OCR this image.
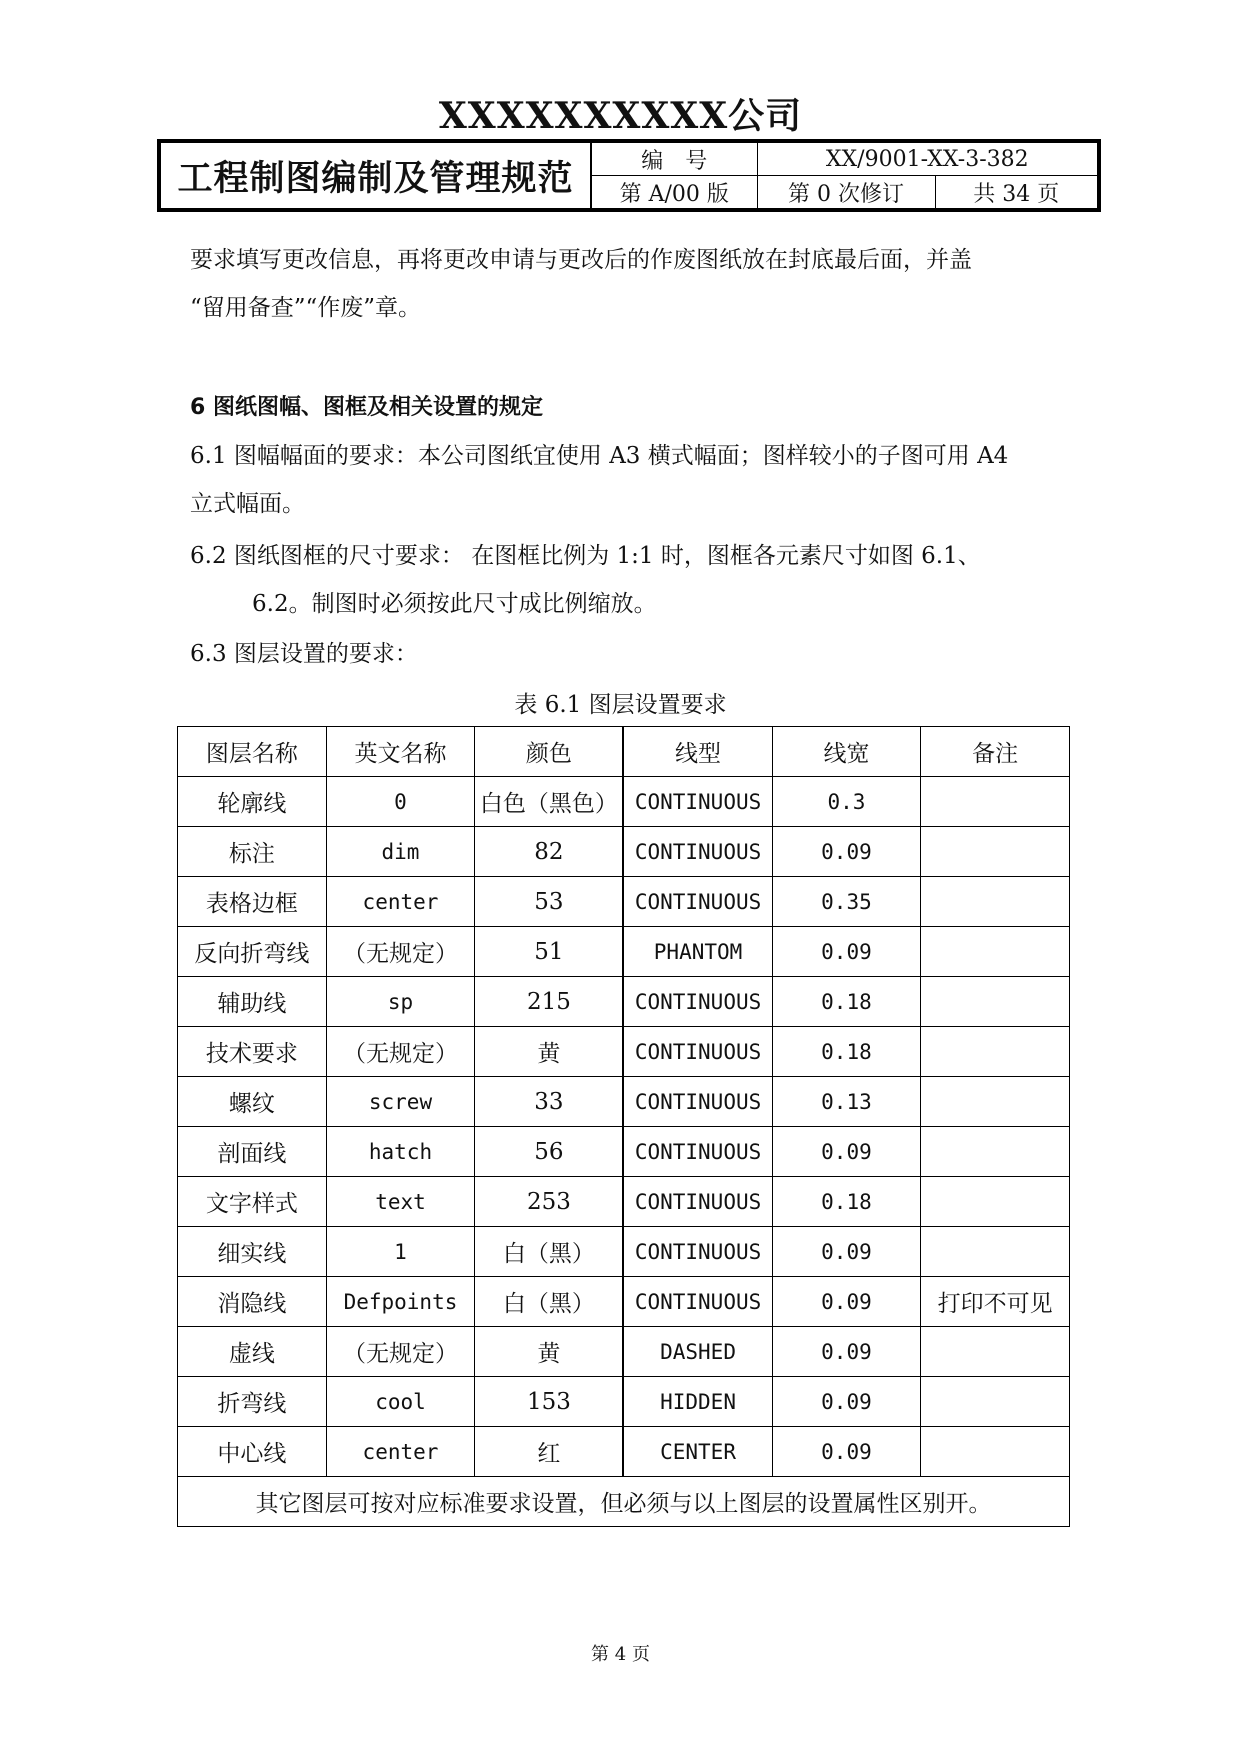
XXXXXXXXXX公司
工程制图编制及管理规范	编　号	XX/9001-XX-3-382	
	第 A/00 版	第 0 次修订	共 34 页
要求填写更改信息，再将更改申请与更改后的作废图纸放在封底最后面，并盖
“留用备查”“作废”章。
6 图纸图幅、图框及相关设置的规定
6.1 图幅幅面的要求：本公司图纸宜使用 A3 横式幅面；图样较小的子图可用 A4
立式幅面。
6.2 图纸图框的尺寸要求： 在图框比例为 1:1 时，图框各元素尺寸如图 6.1、
6.2。制图时必须按此尺寸成比例缩放。
6.3 图层设置的要求：
表 6.1 图层设置要求
图层名称	英文名称	颜色	线型	线宽	备注
轮廓线	0	白色（黑色）	CONTINUOUS	0.3	
标注	dim	82	CONTINUOUS	0.09	
表格边框	center	53	CONTINUOUS	0.35	
反向折弯线	（无规定）	51	PHANTOM	0.09	
辅助线	sp	215	CONTINUOUS	0.18	
技术要求	（无规定）	黄	CONTINUOUS	0.18	
螺纹	screw	33	CONTINUOUS	0.13	
剖面线	hatch	56	CONTINUOUS	0.09	
文字样式	text	253	CONTINUOUS	0.18	
细实线	1	白（黑）	CONTINUOUS	0.09	
消隐线	Defpoints	白（黑）	CONTINUOUS	0.09	打印不可见
虚线	（无规定）	黄	DASHED	0.09	
折弯线	cool	153	HIDDEN	0.09	
中心线	center	红	CENTER	0.09	
其它图层可按对应标准要求设置，但必须与以上图层的设置属性区别开。					
第 4 页
